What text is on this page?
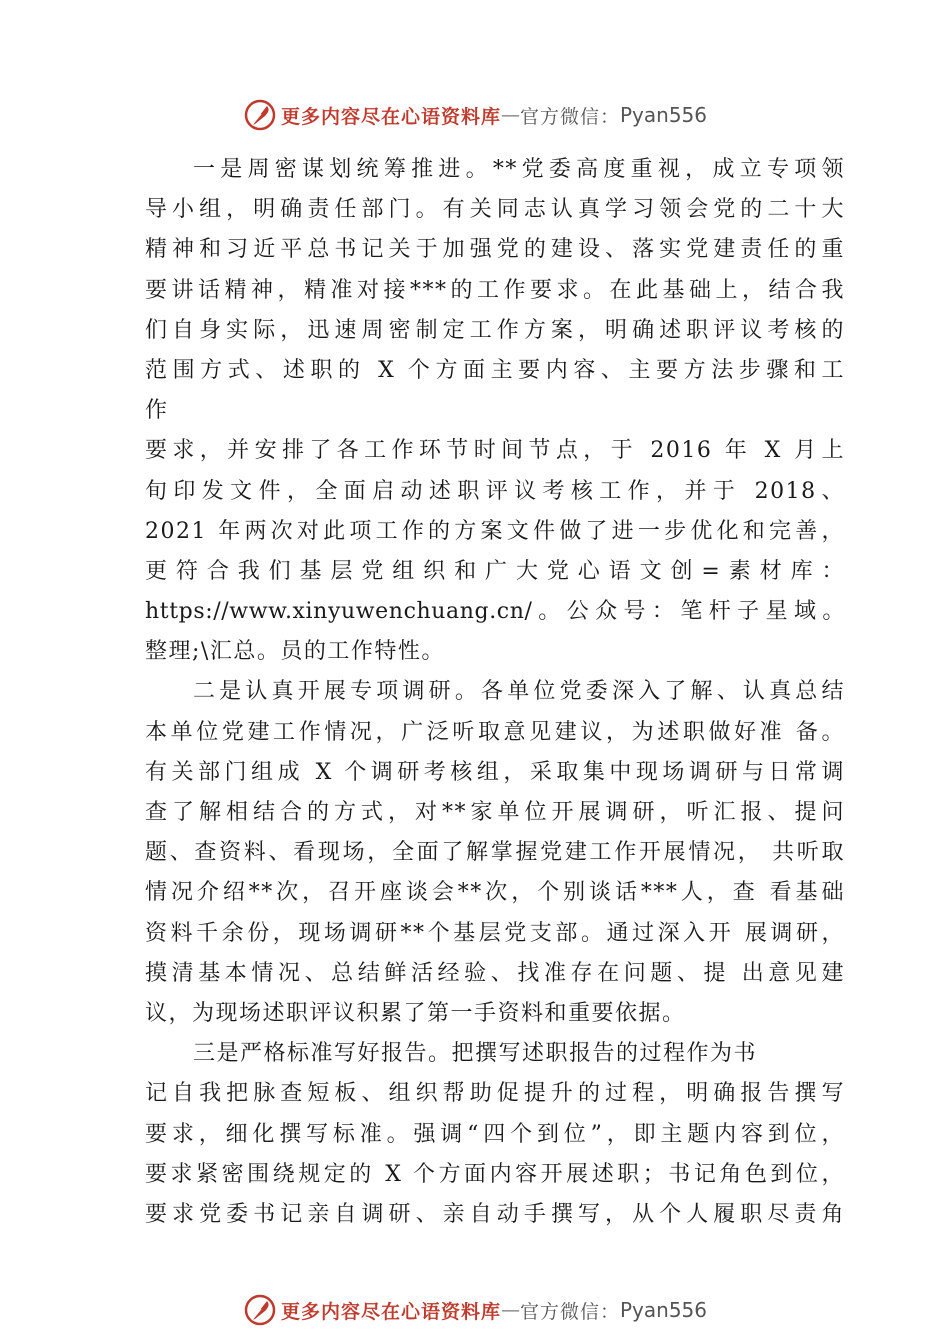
更多内容尽在心语资料库 — 官方微信： Pyan556
一是周密谋划统筹推进。**党委高度重视，成立专项领
导小组，明确责任部门。有关同志认真学习领会党的二十大
精神和习近平总书记关于加强党的建设、落实党建责任的重
要讲话精神，精准对接***的工作要求。在此基础上，结合我
们自身实际，迅速周密制定工作方案，明确述职评议考核的
范围方式、述职的 X 个方面主要内容、主要方法步骤和工
作
要求，并安排了各工作环节时间节点，于 2016 年 X 月上
旬印发文件，全面启动述职评议考核工作，并于 2018、
2021 年两次对此项工作的方案文件做了进一步优化和完善，
更符合我们基层党组织和广大党心语文创=素材库：
https://www.xinyuwenchuang.cn/。公众号：笔杆子星域。
整理;\汇总。员的工作特性。
二是认真开展专项调研。各单位党委深入了解、认真总结
本单位党建工作情况，广泛听取意见建议，为述职做好准 备。
有关部门组成 X 个调研考核组，采取集中现场调研与日常调
查了解相结合的方式，对**家单位开展调研，听汇报、提问
题、查资料、看现场，全面了解掌握党建工作开展情况， 共听取
情况介绍**次，召开座谈会**次，个别谈话***人，查 看基础
资料千余份，现场调研**个基层党支部。通过深入开 展调研，
摸清基本情况、总结鲜活经验、找准存在问题、提 出意见建
议，为现场述职评议积累了第一手资料和重要依据。
三是严格标准写好报告。把撰写述职报告的过程作为书
记自我把脉查短板、组织帮助促提升的过程，明确报告撰写
要求，细化撰写标准。强调“四个到位”，即主题内容到位，
要求紧密围绕规定的 X 个方面内容开展述职；书记角色到位，
要求党委书记亲自调研、亲自动手撰写，从个人履职尽责角
更多内容尽在心语资料库 — 官方微信： Pyan556
